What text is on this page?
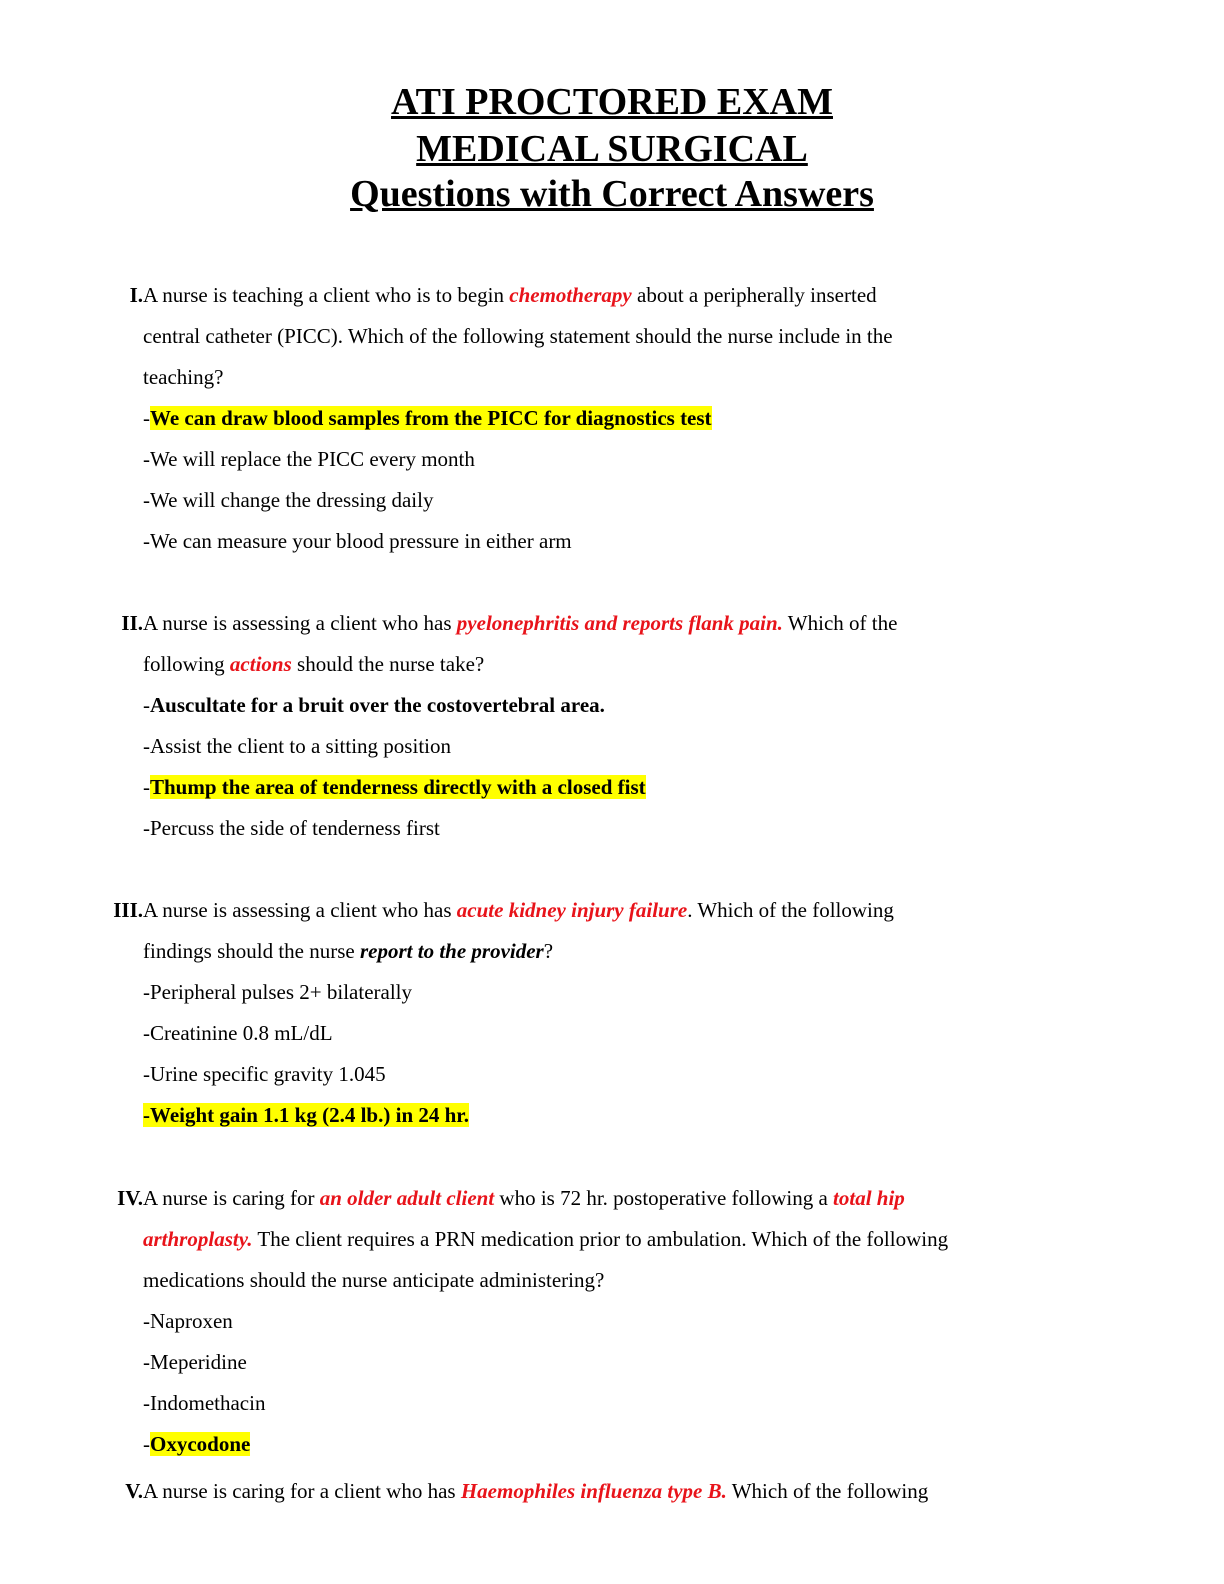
ATI PROCTORED EXAM
MEDICAL SURGICAL
Questions with Correct Answers
I. A nurse is teaching a client who is to begin chemotherapy about a peripherally inserted
central catheter (PICC). Which of the following statement should the nurse include in the
teaching?
-We can draw blood samples from the PICC for diagnostics test
-We will replace the PICC every month
-We will change the dressing daily
-We can measure your blood pressure in either arm
II. A nurse is assessing a client who has pyelonephritis and reports flank pain. Which of the
following actions should the nurse take?
-Auscultate for a bruit over the costovertebral area.
-Assist the client to a sitting position
-Thump the area of tenderness directly with a closed fist
-Percuss the side of tenderness first
III. A nurse is assessing a client who has acute kidney injury failure. Which of the following
findings should the nurse report to the provider?
-Peripheral pulses 2+ bilaterally
-Creatinine 0.8 mL/dL
-Urine specific gravity 1.045
-Weight gain 1.1 kg (2.4 lb.) in 24 hr.
IV. A nurse is caring for an older adult client who is 72 hr. postoperative following a total hip
arthroplasty. The client requires a PRN medication prior to ambulation. Which of the following
medications should the nurse anticipate administering?
-Naproxen
-Meperidine
-Indomethacin
-Oxycodone
V. A nurse is caring for a client who has Haemophiles influenza type B. Which of the following
